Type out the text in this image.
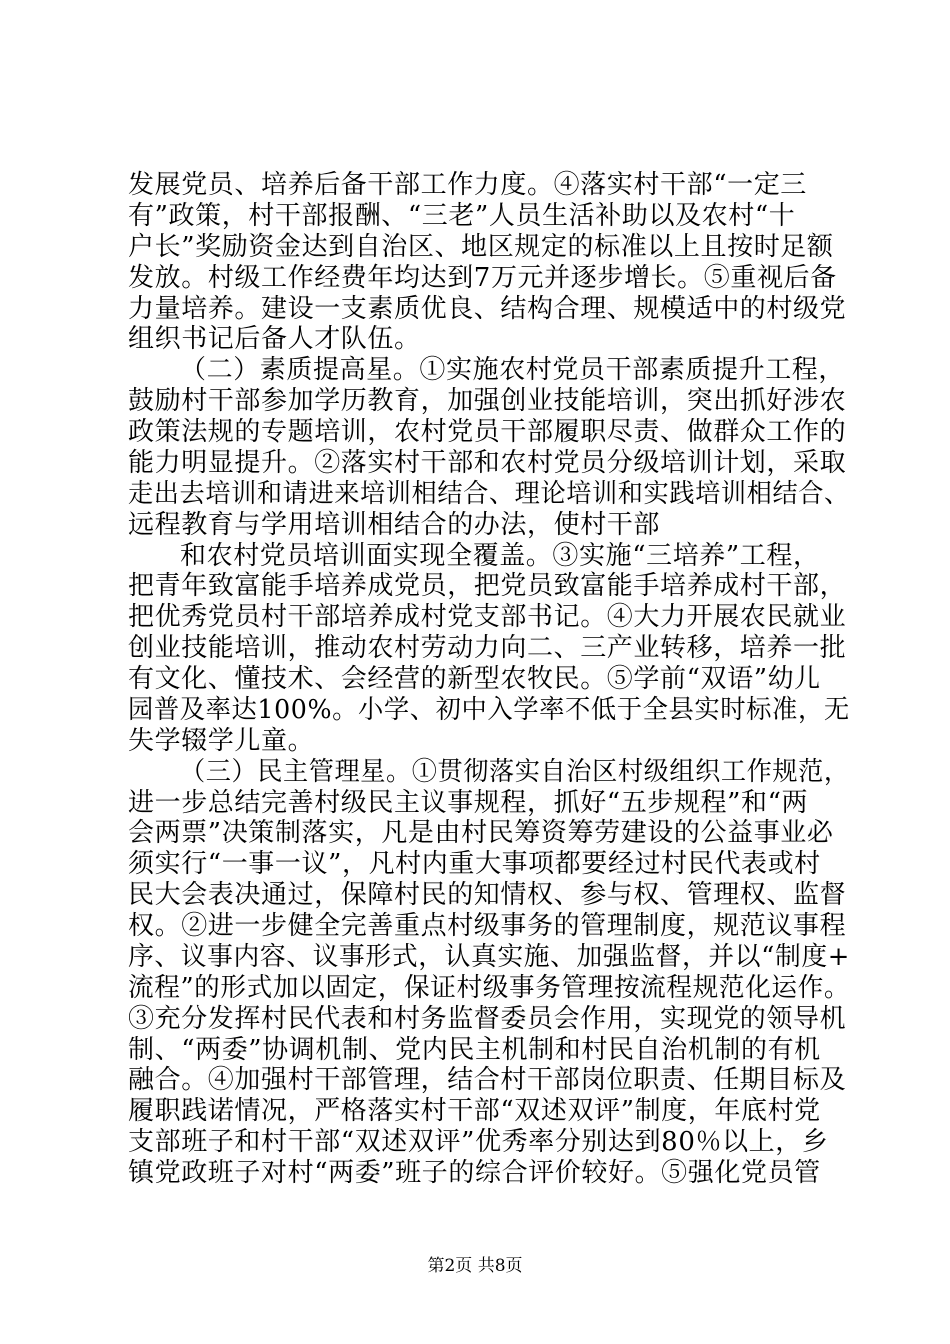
发展党员、培养后备干部工作力度。④落实村干部“一定三
有”政策，村干部报酬、“三老”人员生活补助以及农村“十
户长”奖励资金达到自治区、地区规定的标准以上且按时足额
发放。村级工作经费年均达到7万元并逐步增长。⑤重视后备
力量培养。建设一支素质优良、结构合理、规模适中的村级党
组织书记后备人才队伍。
（二）素质提高星。①实施农村党员干部素质提升工程，
鼓励村干部参加学历教育，加强创业技能培训，突出抓好涉农
政策法规的专题培训，农村党员干部履职尽责、做群众工作的
能力明显提升。②落实村干部和农村党员分级培训计划，采取
走出去培训和请进来培训相结合、理论培训和实践培训相结合、
远程教育与学用培训相结合的办法，使村干部
和农村党员培训面实现全覆盖。③实施“三培养”工程，
把青年致富能手培养成党员，把党员致富能手培养成村干部，
把优秀党员村干部培养成村党支部书记。④大力开展农民就业
创业技能培训，推动农村劳动力向二、三产业转移，培养一批
有文化、懂技术、会经营的新型农牧民。⑤学前“双语”幼儿
园普及率达100%。小学、初中入学率不低于全县实时标准，无
失学辍学儿童。
（三）民主管理星。①贯彻落实自治区村级组织工作规范，
进一步总结完善村级民主议事规程，抓好“五步规程”和“两
会两票”决策制落实，凡是由村民筹资筹劳建设的公益事业必
须实行“一事一议”，凡村内重大事项都要经过村民代表或村
民大会表决通过，保障村民的知情权、参与权、管理权、监督
权。②进一步健全完善重点村级事务的管理制度，规范议事程
序、议事内容、议事形式，认真实施、加强监督，并以“制度+
流程”的形式加以固定，保证村级事务管理按流程规范化运作。
③充分发挥村民代表和村务监督委员会作用，实现党的领导机
制、“两委”协调机制、党内民主机制和村民自治机制的有机
融合。④加强村干部管理，结合村干部岗位职责、任期目标及
履职践诺情况，严格落实村干部“双述双评”制度，年底村党
支部班子和村干部“双述双评”优秀率分别达到80％以上，乡
镇党政班子对村“两委”班子的综合评价较好。⑤强化党员管
第2页 共8页
